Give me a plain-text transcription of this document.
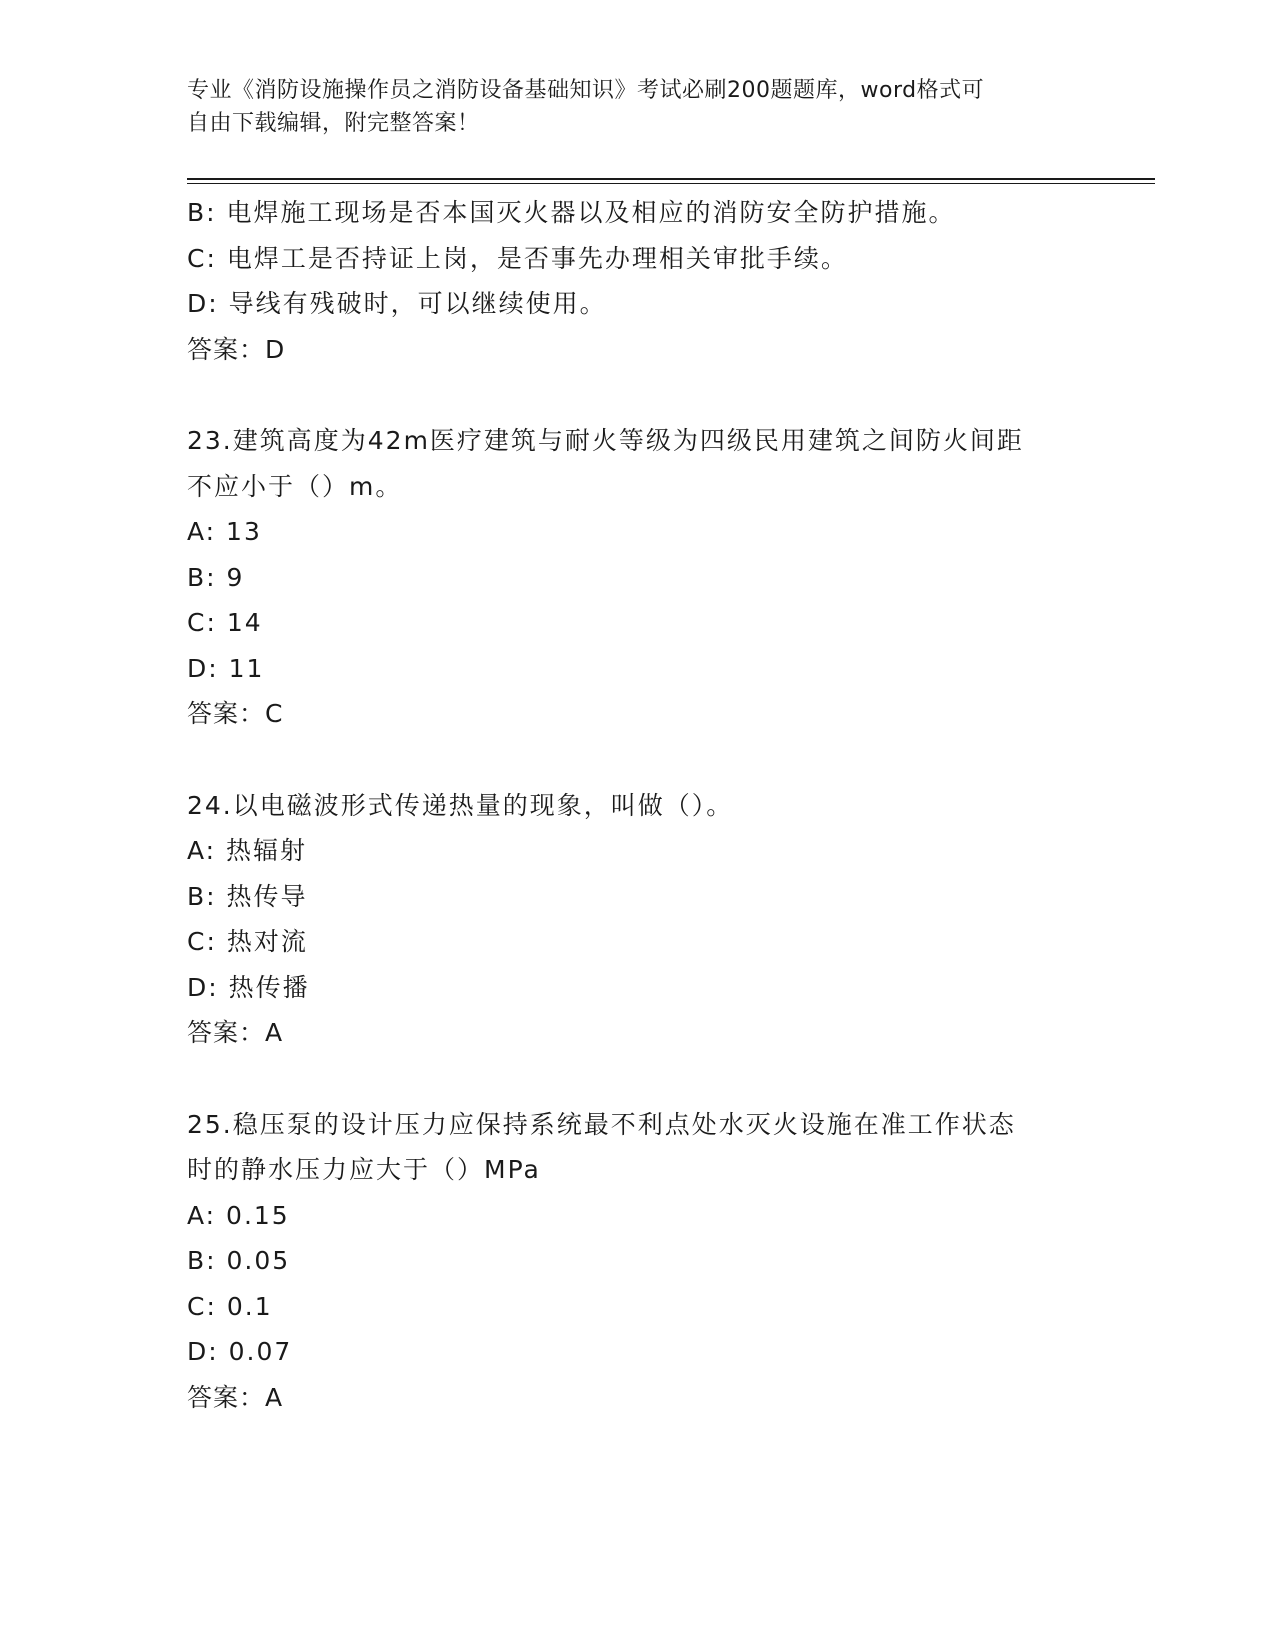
专业《消防设施操作员之消防设备基础知识》考试必刷200题题库，word格式可
自由下载编辑，附完整答案！
B: 电焊施工现场是否本国灭火器以及相应的消防安全防护措施。
C: 电焊工是否持证上岗，是否事先办理相关审批手续。
D: 导线有残破时，可以继续使用。
答案：D
23.建筑高度为42m医疗建筑与耐火等级为四级民用建筑之间防火间距
不应小于（）m。
A: 13
B: 9
C: 14
D: 11
答案：C
24.以电磁波形式传递热量的现象，叫做（）。
A: 热辐射
B: 热传导
C: 热对流
D: 热传播
答案：A
25.稳压泵的设计压力应保持系统最不利点处水灭火设施在准工作状态
时的静水压力应大于（）MPa
A: 0.15
B: 0.05
C: 0.1
D: 0.07
答案：A
